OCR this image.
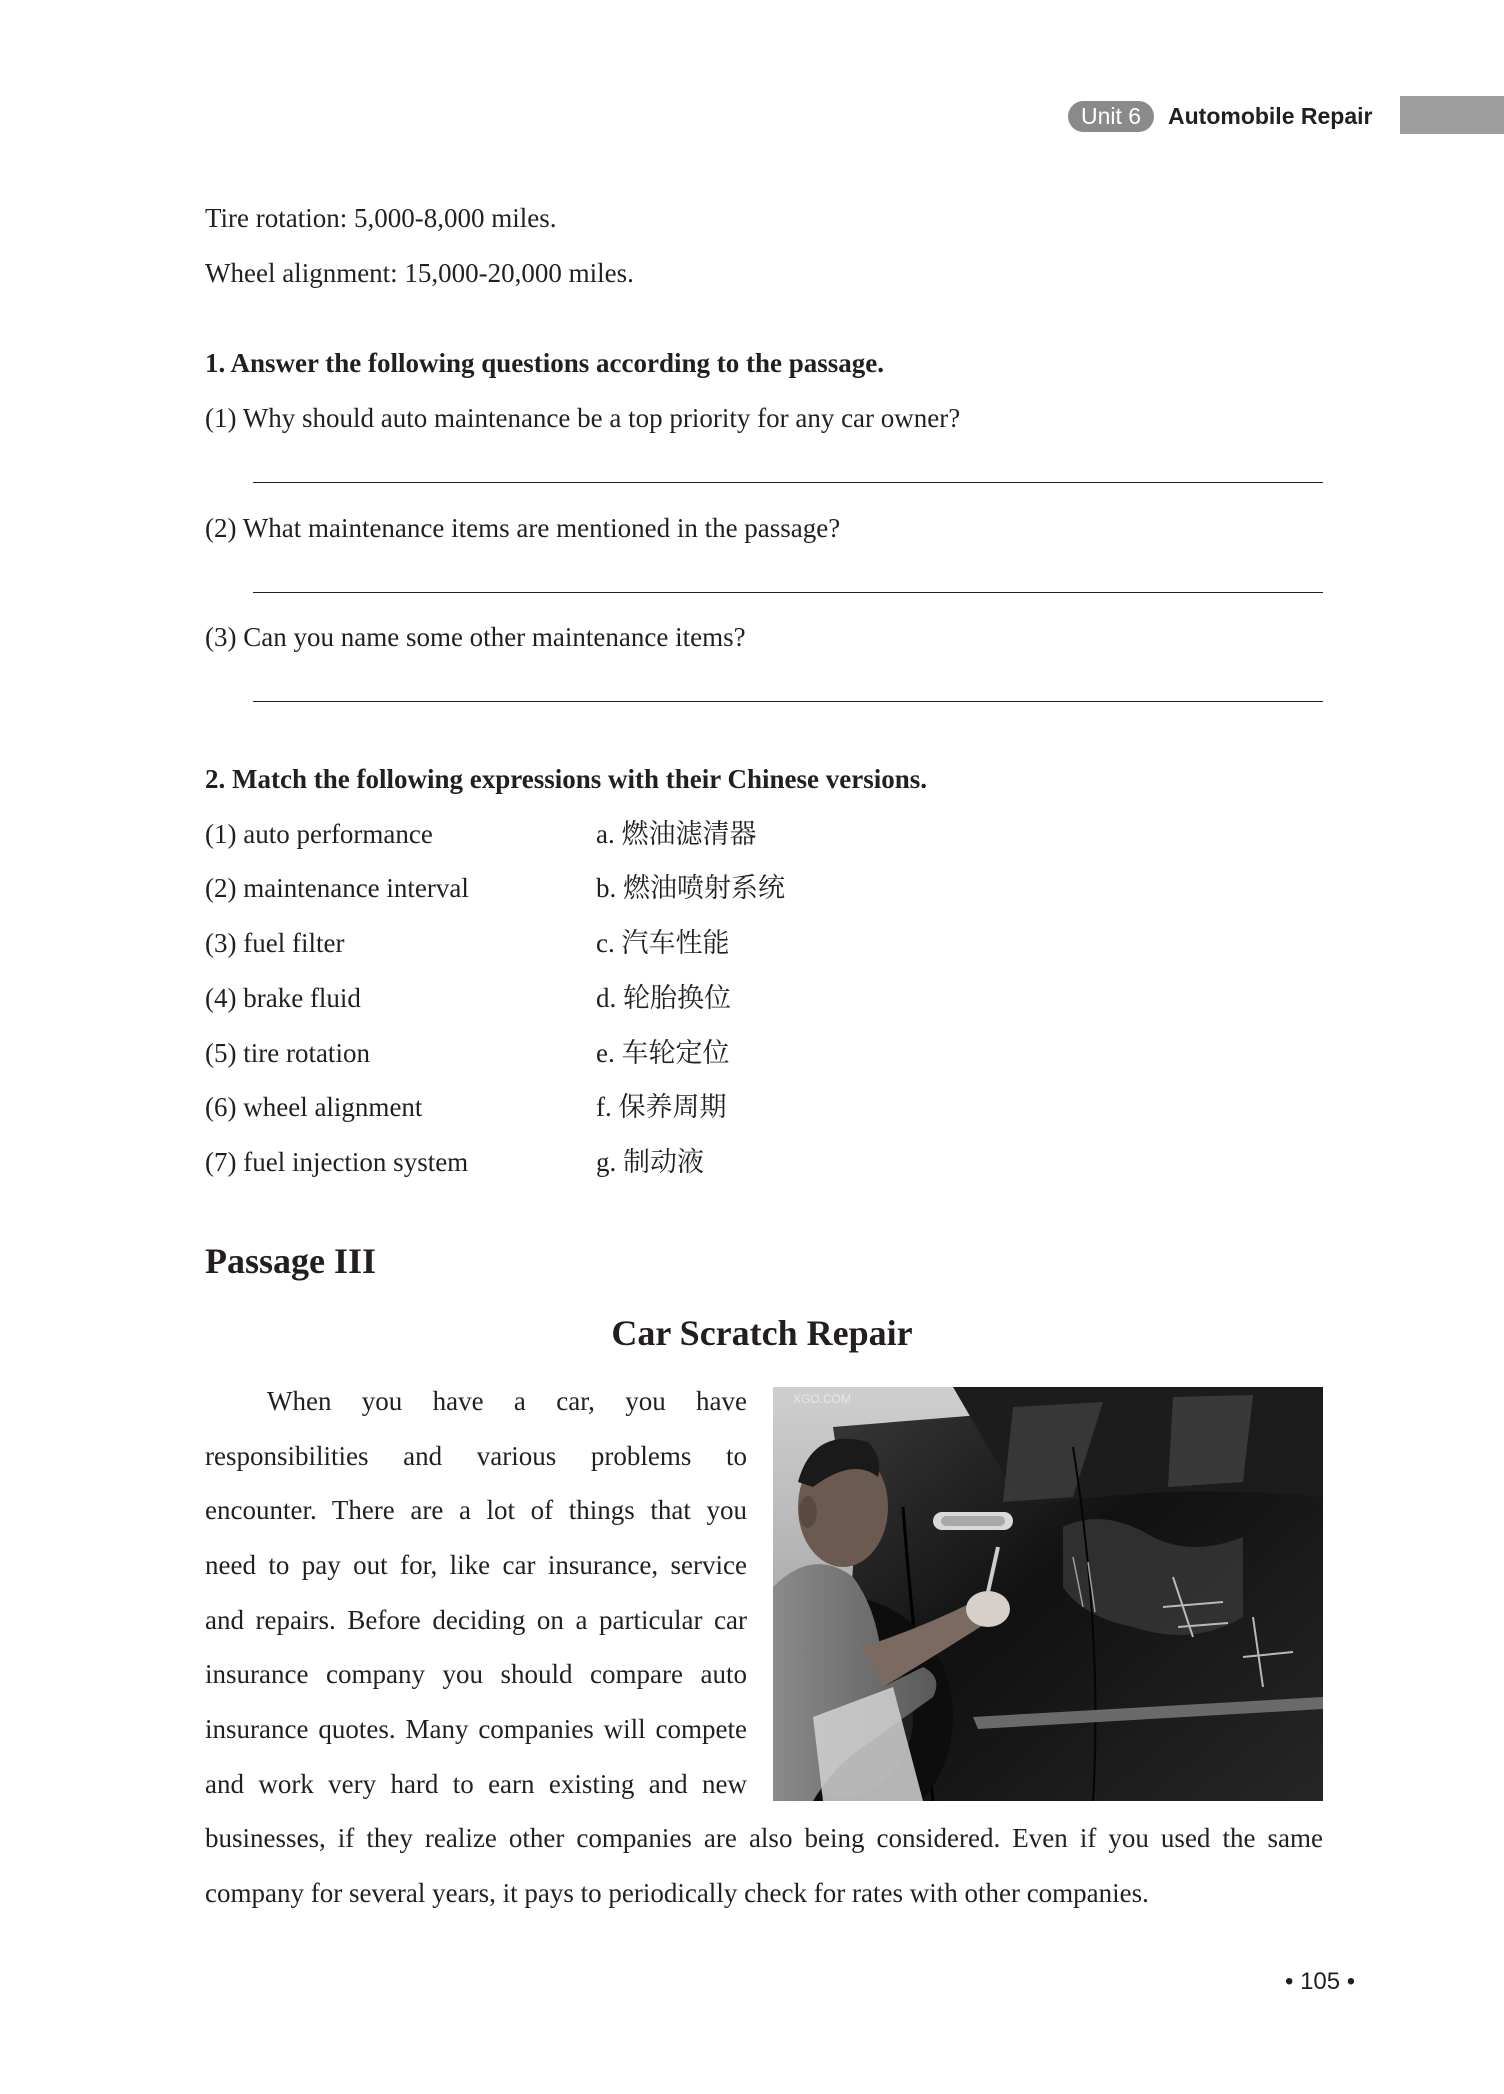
Unit 6	Automobile Repair
Tire rotation: 5,000-8,000 miles.
Wheel alignment: 15,000-20,000 miles.
1. Answer the following questions according to the passage.
(1) Why should auto maintenance be a top priority for any car owner?
(2) What maintenance items are mentioned in the passage?
(3) Can you name some other maintenance items?
2. Match the following expressions with their Chinese versions.
(1) auto performance	a. 燃油滤清器
(2) maintenance interval	b. 燃油喷射系统
(3) fuel filter	c. 汽车性能
(4) brake fluid	d. 轮胎换位
(5) tire rotation	e. 车轮定位
(6) wheel alignment	f. 保养周期
(7) fuel injection system	g. 制动液
Passage III
Car Scratch Repair
When you have a car, you have
responsibilities and various problems to
encounter. There are a lot of things that you
need to pay out for, like car insurance, service
and repairs. Before deciding on a particular car
insurance company you should compare auto
insurance quotes. Many companies will compete
and work very hard to earn existing and new
businesses, if they realize other companies are also being considered. Even if you used the same
company for several years, it pays to periodically check for rates with other companies.
XGO.COM
• 105 •
